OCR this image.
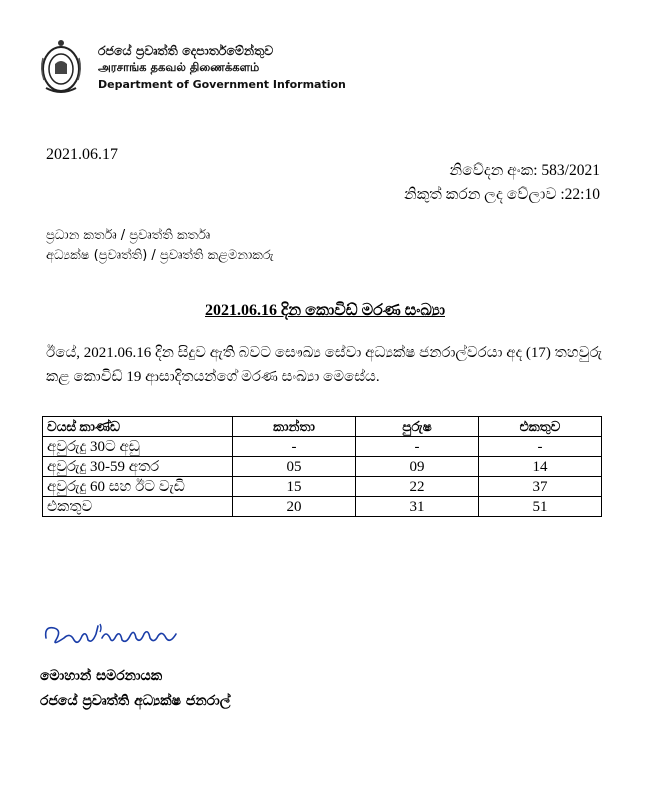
රජයේ ප්‍රවෘත්ති දෙපාර්තමේන්තුව
அரசாங்க தகவல் திணைக்களம்
Department of Government Information
2021.06.17
නිවේදන අංක: 583/2021
නිකුත් කරන ලද වේලාව :22:10
ප්‍රධාන කර්තෘ / ප්‍රවෘත්ති කර්තෘ
අධ්‍යක්ෂ (ප්‍රවෘත්ති) / ප්‍රවෘත්ති කළමනාකරු
2021.06.16 දින කොවිඩ් මරණ සංඛ්‍යා
ඊයේ, 2021.06.16 දින සිදුව ඇති බවට සෞඛ්‍ය සේවා අධ්‍යක්ෂ ජනරාල්වරයා අද (17) තහවුරු කළ කොවිඩ් 19 ආසාදිතයන්ගේ මරණ සංඛ්‍යා මෙසේය.
වයස් කාණ්ඩ	කාන්තා	පුරුෂ	එකතුව
අවුරුදු 30ට අඩු	-	-	-
අවුරුදු 30-59 අතර	05	09	14
අවුරුදු 60 සහ ඊට වැඩි	15	22	37
එකතුව	20	31	51
මොහාන් සමරනායක
රජයේ ප්‍රවෘත්ති අධ්‍යක්ෂ ජනරාල්
